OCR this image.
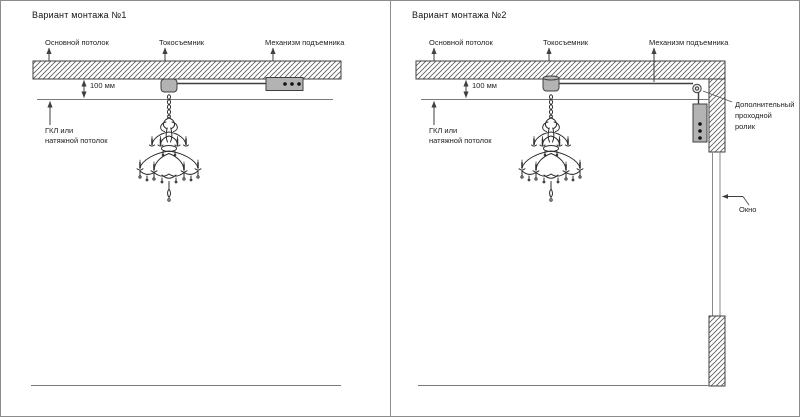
Вариант монтажа №1
Основной потолок	Токосъемник	Механизм подъемника
100 мм
ГКЛ или
натяжной потолок
Вариант монтажа №2
Основной потолок	Токосъемник	Механизм подъемника
100 мм
ГКЛ или
натяжной потолок
Дополнительный
проходной
ролик
Окно
